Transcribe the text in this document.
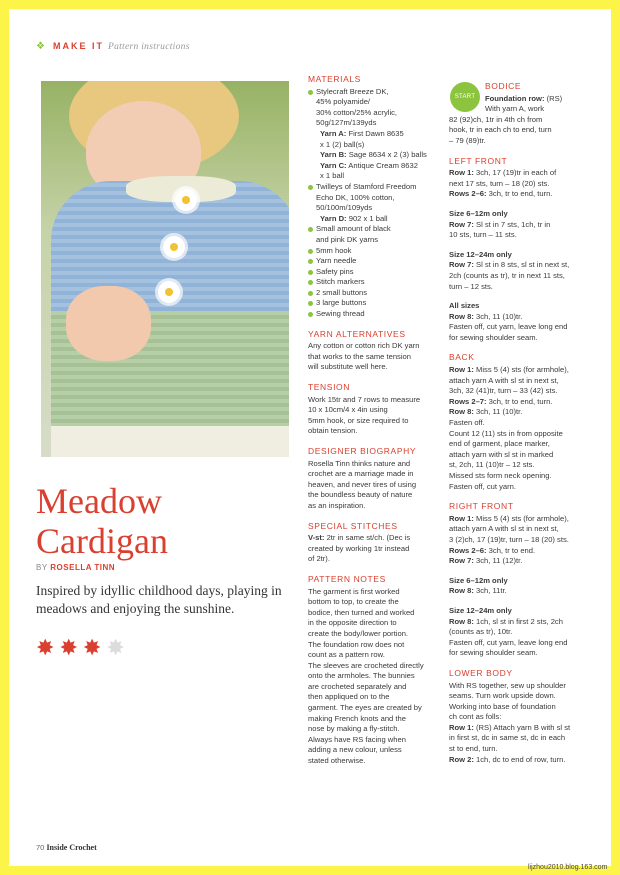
❖ MAKE IT Pattern instructions
Meadow
Cardigan
BY ROSELLA TINN
Inspired by idyllic childhood days, playing in meadows and enjoying the sunshine.
✸ ✸ ✸ ✸
MATERIALS
Stylecraft Breeze DK,
45% polyamide/
30% cotton/25% acrylic,
50g/127m/139yds
Yarn A: First Dawn 8635
x 1 (2) ball(s)
Yarn B: Sage 8634 x 2 (3) balls
Yarn C: Antique Cream 8632
x 1 ball
Twilleys of Stamford Freedom
Echo DK, 100% cotton,
50/100m/109yds
Yarn D: 902 x 1 ball
Small amount of black
and pink DK yarns
5mm hook
Yarn needle
Safety pins
Stitch markers
2 small buttons
3 large buttons
Sewing thread
YARN ALTERNATIVES
Any cotton or cotton rich DK yarn
that works to the same tension
will substitute well here.
TENSION
Work 15tr and 7 rows to measure
10 x 10cm/4 x 4in using
5mm hook, or size required to
obtain tension.
DESIGNER BIOGRAPHY
Rosella Tinn thinks nature and
crochet are a marriage made in
heaven, and never tires of using
the boundless beauty of nature
as an inspiration.
SPECIAL STITCHES
V-st: 2tr in same st/ch. (Dec is
created by working 1tr instead
of 2tr).
PATTERN NOTES
The garment is first worked
bottom to top, to create the
bodice, then turned and worked
in the opposite direction to
create the body/lower portion.
The foundation row does not
count as a pattern row.
The sleeves are crocheted directly
onto the armholes. The bunnies
are crocheted separately and
then appliqued on to the
garment. The eyes are created by
making French knots and the
nose by making a fly-stitch.
Always have RS facing when
adding a new colour, unless
stated otherwise.
START
BODICE
Foundation row: (RS)
With yarn A, work
82 (92)ch, 1tr in 4th ch from
hook, tr in each ch to end, turn
– 79 (89)tr.
LEFT FRONT
Row 1: 3ch, 17 (19)tr in each of
next 17 sts, turn – 18 (20) sts.
Rows 2–6: 3ch, tr to end, turn.
Size 6–12m only
Row 7: Sl st in 7 sts, 1ch, tr in
10 sts, turn – 11 sts.
Size 12–24m only
Row 7: Sl st in 8 sts, sl st in next st,
2ch (counts as tr), tr in next 11 sts,
turn – 12 sts.
All sizes
Row 8: 3ch, 11 (10)tr.
Fasten off, cut yarn, leave long end
for sewing shoulder seam.
BACK
Row 1: Miss 5 (4) sts (for armhole),
attach yarn A with sl st in next st,
3ch, 32 (41)tr, turn – 33 (42) sts.
Rows 2–7: 3ch, tr to end, turn.
Row 8: 3ch, 11 (10)tr.
Fasten off.
Count 12 (11) sts in from opposite
end of garment, place marker,
attach yarn with sl st in marked
st, 2ch, 11 (10)tr – 12 sts.
Missed sts form neck opening.
Fasten off, cut yarn.
RIGHT FRONT
Row 1: Miss 5 (4) sts (for armhole),
attach yarn A with sl st in next st,
3 (2)ch, 17 (19)tr, turn – 18 (20) sts.
Rows 2–6: 3ch, tr to end.
Row 7: 3ch, 11 (12)tr.
Size 6–12m only
Row 8: 3ch, 11tr.
Size 12–24m only
Row 8: 1ch, sl st in first 2 sts, 2ch
(counts as tr), 10tr.
Fasten off, cut yarn, leave long end
for sewing shoulder seam.
LOWER BODY
With RS together, sew up shoulder
seams. Turn work upside down.
Working into base of foundation
ch cont as folls:
Row 1: (RS) Attach yarn B with sl st
in first st, dc in same st, dc in each
st to end, turn.
Row 2: 1ch, dc to end of row, turn.
70 Inside Crochet
lijzhou2010.blog.163.com
